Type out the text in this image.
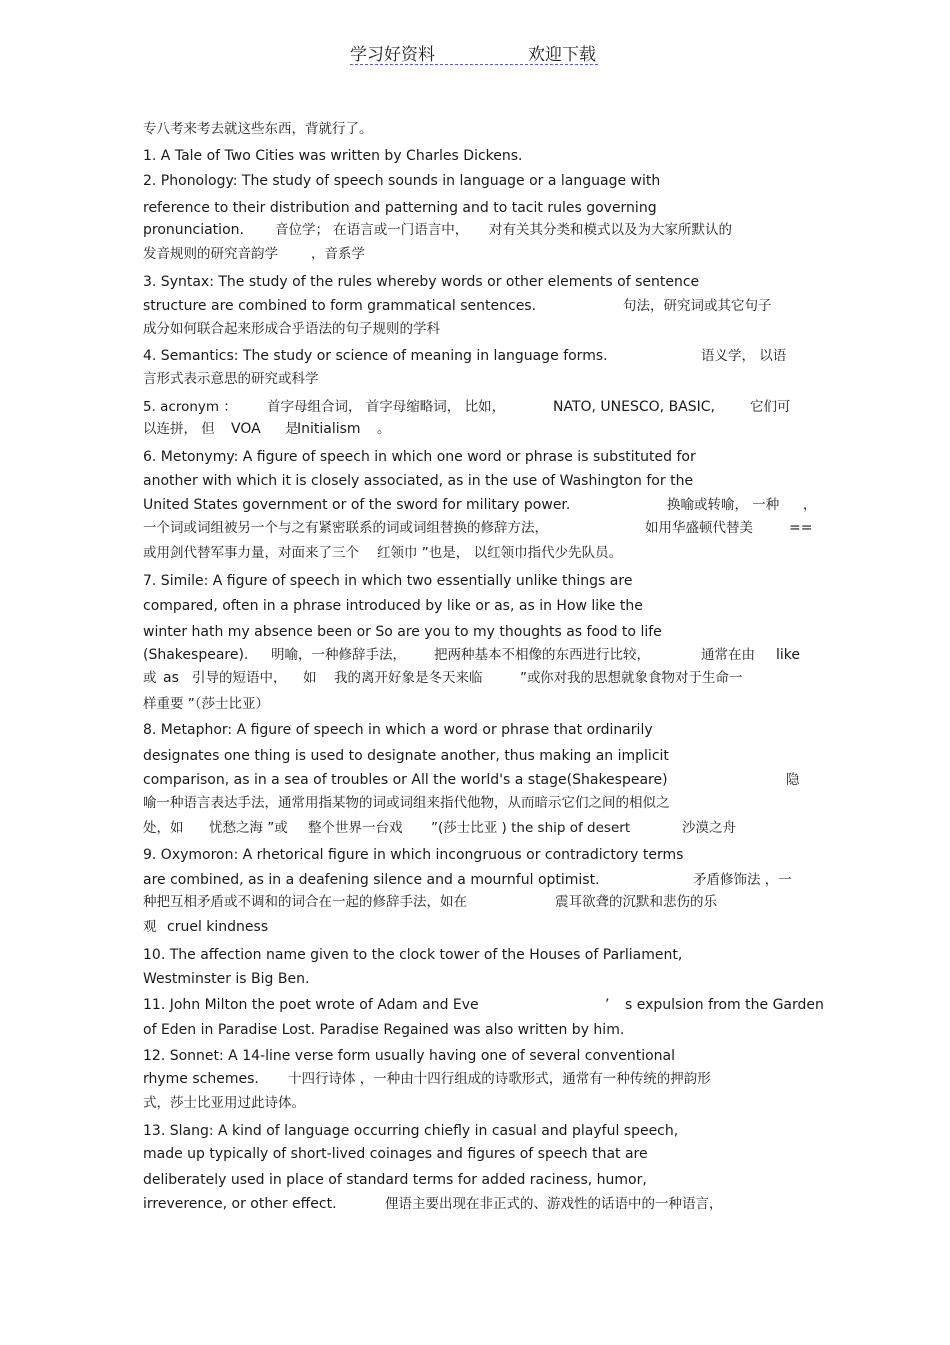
学习好资料	欢迎下载
专八考来考去就这些东西，背就行了。
1. A Tale of Two Cities was written by Charles Dickens.
2. Phonology: The study of speech sounds in language or a language with
reference to their distribution and patterning and to tacit rules governing
pronunciation. 音位学； 在语言或一门语言中， 对有关其分类和模式以及为大家所默认的
发音规则的研究音韵学 ，音系学
3. Syntax: The study of the rules whereby words or other elements of sentence
structure are combined to form grammatical sentences.	句法，研究词或其它句子
成分如何联合起来形成合乎语法的句子规则的学科
4. Semantics: The study or science of meaning in language forms.	语义学， 以语
言形式表示意思的研究或科学
5. acronym ： 首字母组合词， 首字母缩略词， 比如，	NATO, UNESCO, BASIC,	它们可
以连拼， 但 VOA 是
Initialism 。
6. Metonymy: A figure of speech in which one word or phrase is substituted for
another with which it is closely associated, as in the use of Washington for the
United States government or of the sword for military power.	换喻或转喻， 一种 ，
一个词或词组被另一个与之有紧密联系的词或词组替换的修辞方法，	如用华盛顿代替美	==
或用剑代替军事力量，对面来了三个 红领巾 ”也是， 以红领巾指代少先队员。
7. Simile: A figure of speech in which two essentially unlike things are
compared, often in a phrase introduced by like or as, as in How like the
winter hath my absence been or So are you to my thoughts as food to life
(Shakespeare). 明喻，一种修辞手法， 把两种基本不相像的东西进行比较，	通常在由 like
或 as 引导的短语中， 如 我的离开好象是冬天来临	”或 你对我的思想就象食物对于生命一
样重要 ”（莎士比亚）
8. Metaphor: A figure of speech in which a word or phrase that ordinarily
designates one thing is used to designate another, thus making an implicit
comparison, as in a sea of troubles or All the world's a stage(Shakespeare)	隐
喻一种语言表达手法，通常用指某物的词或词组来指代他物，从而暗示它们之间的相似之
处，如 忧愁之海 ”或 整个世界一台戏 ”(莎士比亚 ) the ship of desert	沙漠之舟
9. Oxymoron: A rhetorical figure in which incongruous or contradictory terms
are combined, as in a deafening silence and a mournful optimist.	矛盾修饰法 ，一
种把互相矛盾或不调和的词合在一起的修辞手法，如在	震耳欲聋的沉默和悲伤的乐
观 cruel kindness
10. The affection name given to the clock tower of the Houses of Parliament,
Westminster is Big Ben.
11. John Milton the poet wrote of Adam and Eve	’ s expulsion from the Garden
of Eden in Paradise Lost. Paradise Regained was also written by him.
12. Sonnet: A 14-line verse form usually having one of several conventional
rhyme schemes. 十四行诗体 ，一种由十四行组成的诗歌形式，通常有一种传统的押韵形
式，莎士比亚用过此诗体。
13. Slang: A kind of language occurring chiefly in casual and playful speech,
made up typically of short-lived coinages and figures of speech that are
deliberately used in place of standard terms for added raciness, humor,
irreverence, or other effect.	俚语主要出现在非正式的、游戏性的话语中的一种语言，
